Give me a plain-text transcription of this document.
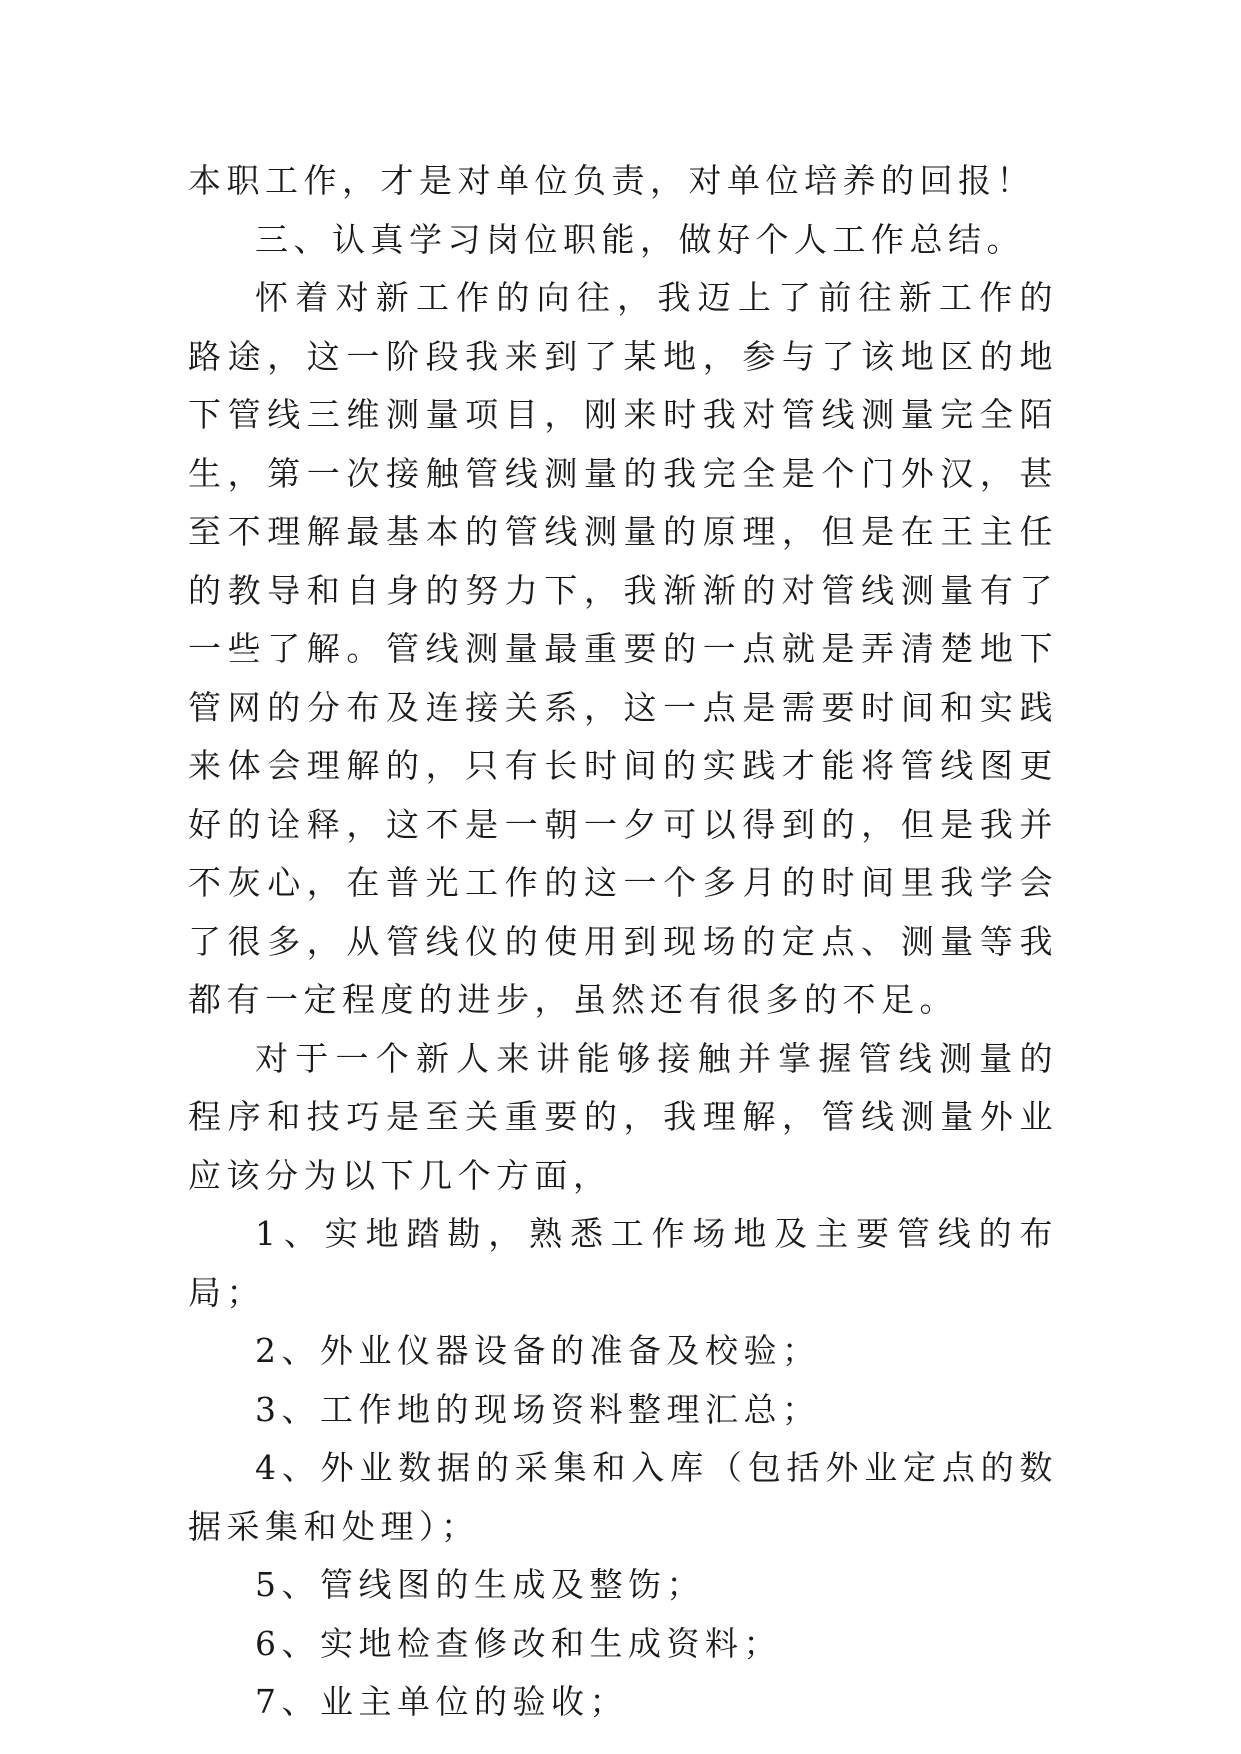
本职工作，才是对单位负责，对单位培养的回报！

三、认真学习岗位职能，做好个人工作总结。

怀着对新工作的向往，我迈上了前往新工作的路途，这一阶段我来到了某地，参与了该地区的地下管线三维测量项目，刚来时我对管线测量完全陌生，第一次接触管线测量的我完全是个门外汉，甚至不理解最基本的管线测量的原理，但是在王主任的教导和自身的努力下，我渐渐的对管线测量有了一些了解。管线测量最重要的一点就是弄清楚地下管网的分布及连接关系，这一点是需要时间和实践来体会理解的，只有长时间的实践才能将管线图更好的诠释，这不是一朝一夕可以得到的，但是我并不灰心，在普光工作的这一个多月的时间里我学会了很多，从管线仪的使用到现场的定点、测量等我都有一定程度的进步，虽然还有很多的不足。

对于一个新人来讲能够接触并掌握管线测量的程序和技巧是至关重要的，我理解，管线测量外业应该分为以下几个方面，

1、实地踏勘，熟悉工作场地及主要管线的布局；

2、外业仪器设备的准备及校验；

3、工作地的现场资料整理汇总；

4、外业数据的采集和入库（包括外业定点的数据采集和处理）；

5、管线图的生成及整饬；

6、实地检查修改和生成资料；

7、业主单位的验收；
